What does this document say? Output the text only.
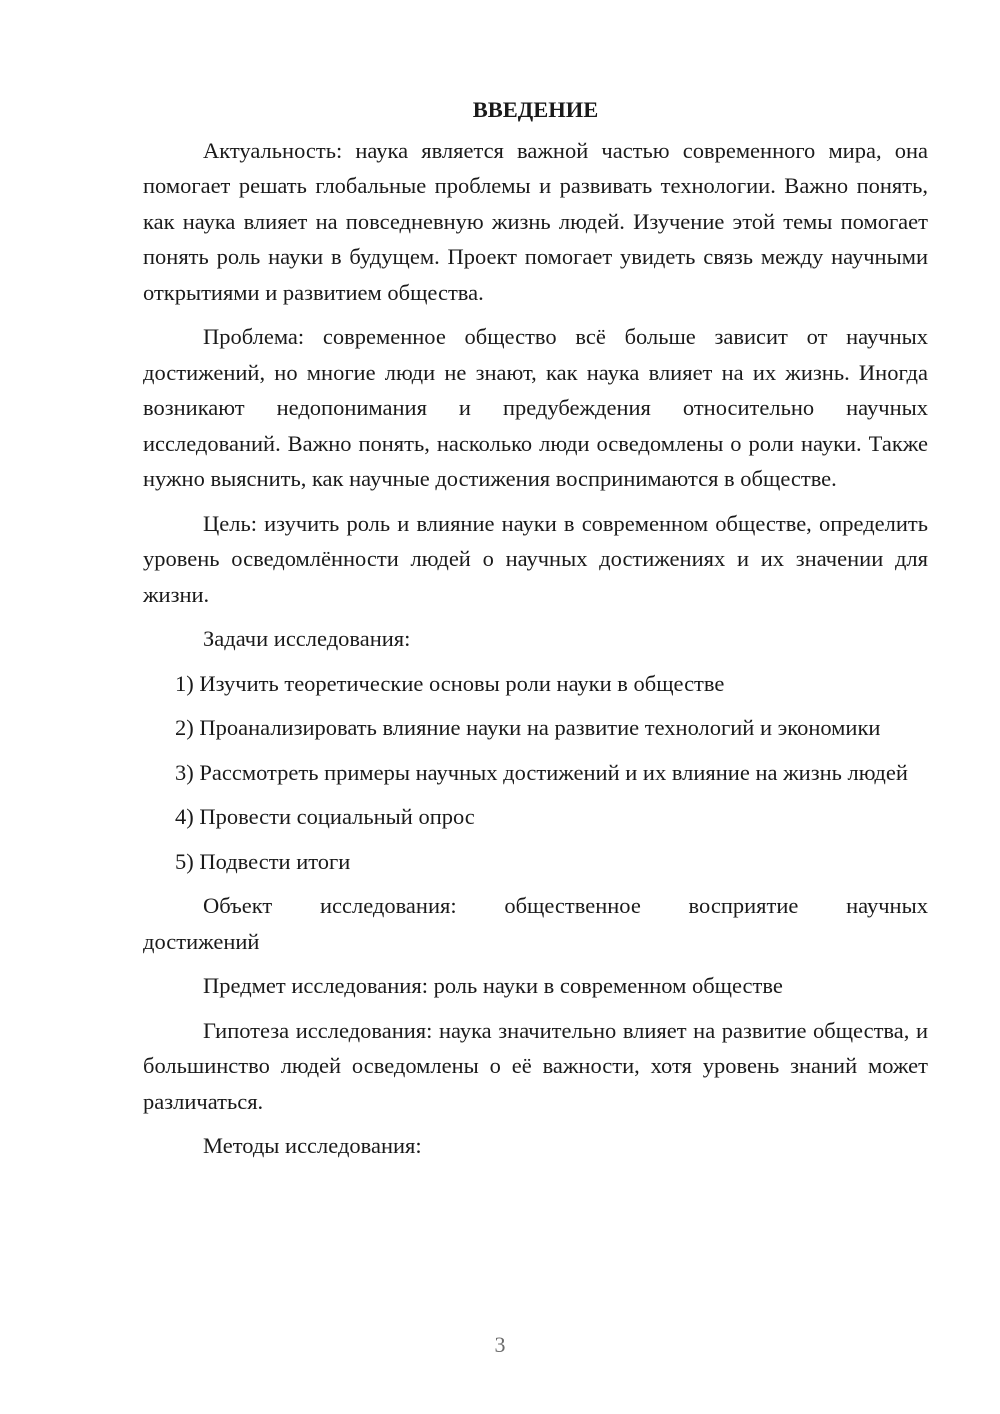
ВВЕДЕНИЕ

Актуальность: наука является важной частью современного мира, она помогает решать глобальные проблемы и развивать технологии. Важно понять, как наука влияет на повседневную жизнь людей. Изучение этой темы помогает понять роль науки в будущем. Проект помогает увидеть связь между научными открытиями и развитием общества.

Проблема: современное общество всё больше зависит от научных достижений, но многие люди не знают, как наука влияет на их жизнь. Иногда возникают недопонимания и предубеждения относительно научных исследований. Важно понять, насколько люди осведомлены о роли науки. Также нужно выяснить, как научные достижения воспринимаются в обществе.

Цель: изучить роль и влияние науки в современном обществе, определить уровень осведомлённости людей о научных достижениях и их значении для жизни.

Задачи исследования:

1) Изучить теоретические основы роли науки в обществе

2) Проанализировать влияние науки на развитие технологий и экономики

3) Рассмотреть примеры научных достижений и их влияние на жизнь людей

4) Провести социальный опрос

5) Подвести итоги

Объект исследования: общественное восприятие научных
достижений

Предмет исследования: роль науки в современном обществе

Гипотеза исследования: наука значительно влияет на развитие общества, и большинство людей осведомлены о её важности, хотя уровень знаний может различаться.

Методы исследования:

3
